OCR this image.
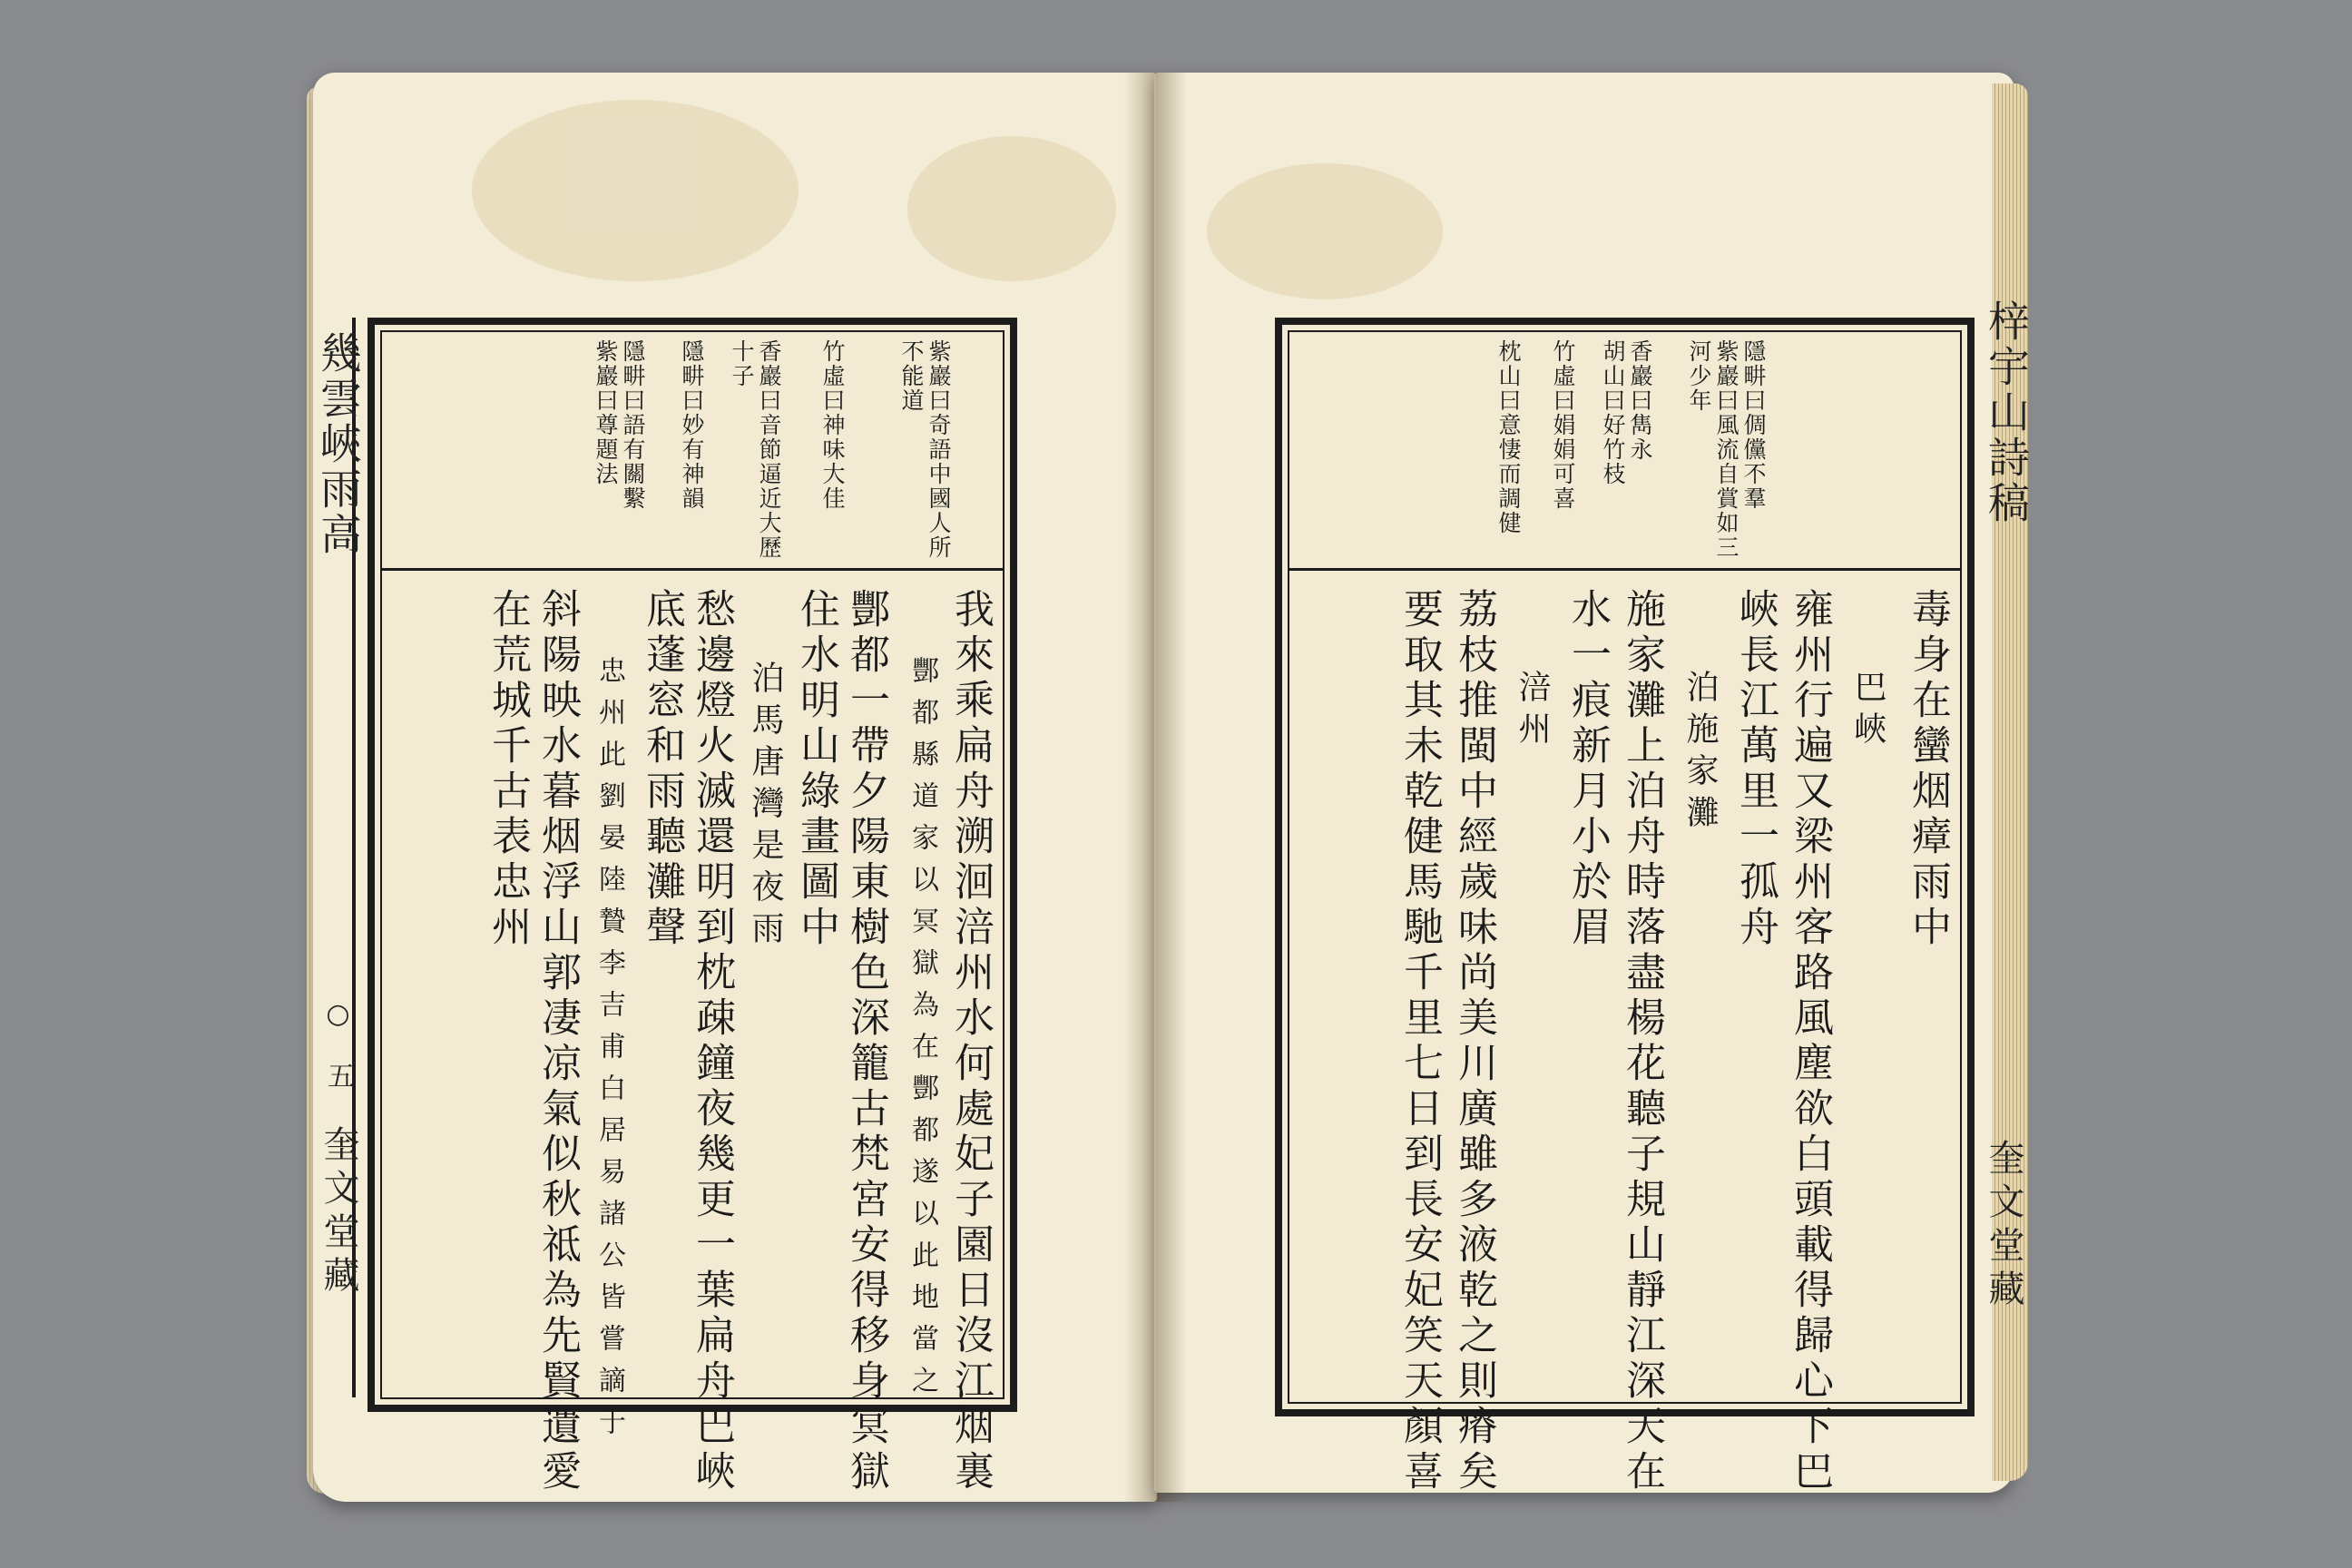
幾雲峽雨高
○ 五
奎文堂藏
紫巖曰奇語中國人所
不能道
竹虛曰神味大佳
香巖曰音節逼近大歷
十子
隱畊曰妙有神韻
隱畊曰語有關繫
紫巖曰尊題法
我來乘扁舟溯洄涪州水何處妃子園日沒江烟裏
酆都縣道家以冥獄為在酆都遂以此地當之
酆都一帶夕陽東樹色深籠古梵宮安得移身冥獄
住水明山綠畫圖中
泊馬唐灣是夜雨
愁邊燈火滅還明到枕疎鐘夜幾更一葉扁舟巴峽
底蓬窓和雨聽灘聲
忠州此劉晏陸贄李吉甫白居易諸公皆嘗謫于
斜陽映水暮烟浮山郭凄凉氣似秋祗為先賢遺愛
在荒城千古表忠州
隱畊曰倜儻不羣
紫巖曰風流自賞如三
河少年
香巖曰雋永
胡山曰好竹枝
竹虛曰娟娟可喜
枕山曰意悽而調健
毒身在蠻烟瘴雨中
巴峽
雍州行遍又梁州客路風塵欲白頭載得歸心下巴
峽長江萬里一孤舟
泊施家灘
施家灘上泊舟時落盡楊花聽子規山靜江深天在
水一痕新月小於眉
涪州
荔枝推閩中經歲味尚美川廣雖多液乾之則瘠矣
要取其未乾健馬馳千里七日到長安妃笑天顏喜
梓宇山詩稿
奎文堂藏
